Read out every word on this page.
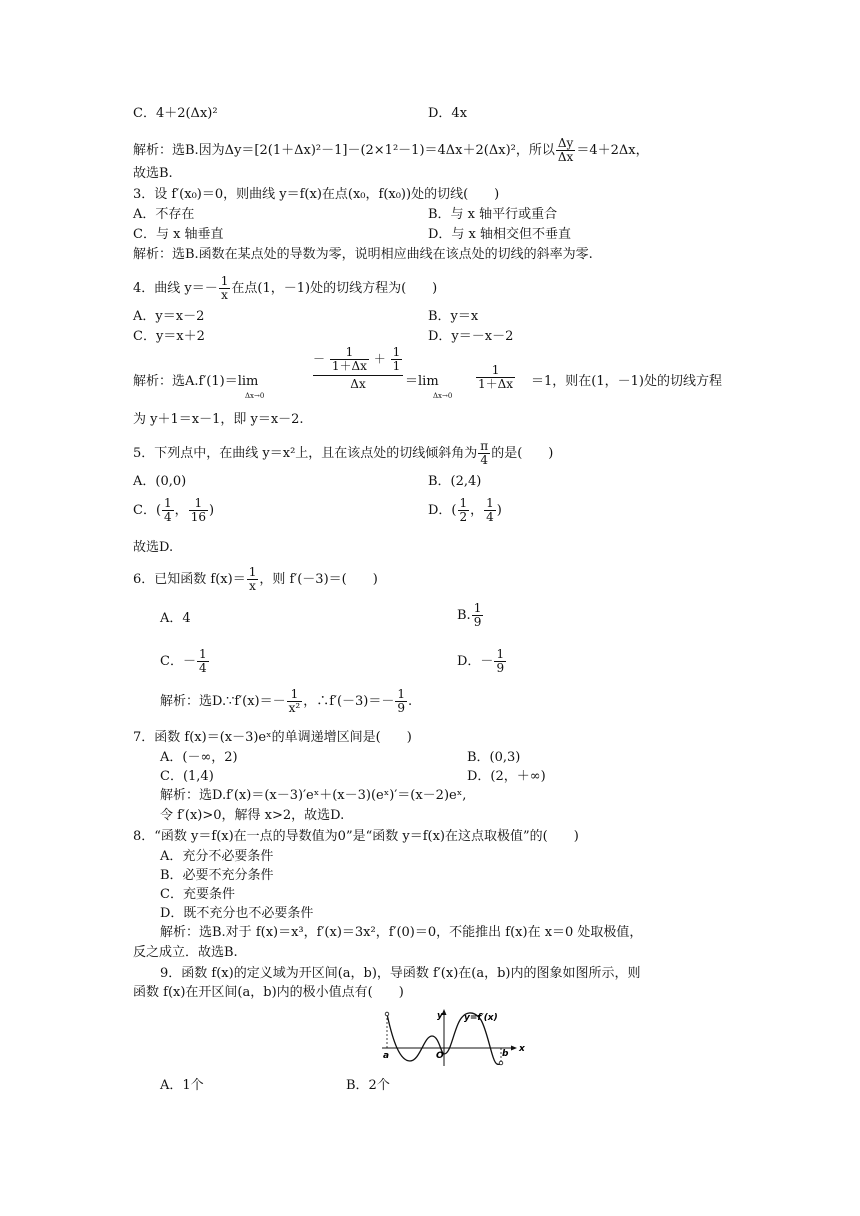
C．4＋2(Δx)²	D．4x
解析：选B.因为Δy＝[2(1＋Δx)²－1]－(2×1²－1)＝4Δx＋2(Δx)²，所以 $\frac{\Delta y}{\Delta x} =4+2\Delta x$，
故选B.
3．设 f′(x₀)＝0，则曲线 y＝f(x)在点(x₀，f(x₀))处的切线(　　)
A．不存在	B．与 x 轴平行或重合
C．与 x 轴垂直	D．与 x 轴相交但不垂直
解析：选B.函数在某点处的导数为零，说明相应曲线在该点处的切线的斜率为零.
4．曲线 $y=- \frac{1}{x}$ 在点(1，－1)处的切线方程为(　　)
A．y＝x－2	B．y＝x
C．y＝x＋2	D．y＝－x－2
解析：选A.f′(1)＝lim
Δx→0
－ $\frac{1}{1+\Delta x} + \frac{1}{1}$
Δx	＝lim
Δx→0
1
1＋Δx ＝1，则在(1，－1)处的切线方程
为 y＋1＝x－1，即 y＝x－2.
5．下列点中，在曲线 y＝x²上，且在该点处的切线倾斜角为 $\frac{\pi}{4}$ 的是(　　)
A．(0,0)	B．(2,4)
C．( $\frac{1}{4}$ ， $\frac{1}{16}$ )	D．( $\frac{1}{2}$ ， $\frac{1}{4}$ )
故选D.
6．已知函数 $f(x)= \frac{1}{x}$ ，则 f′(－3)＝(　　)
A．4	B. $\frac{1}{9}$
C．－ $\frac{1}{4}$	D．－ $\frac{1}{9}$
解析：选D.∵f′(x)＝－ $\frac{1}{\text{x²}}$ ，∴f′(－3)＝－ $\frac{1}{9}$ .
7．函数 f(x)＝(x－3)eˣ的单调递增区间是(　　)
A．(－∞，2)	B．(0,3)
C．(1,4)	D．(2，＋∞)
解析：选D.f′(x)＝(x－3)′eˣ＋(x－3)(eˣ)′＝(x－2)eˣ,
令 f′(x)>0，解得 x>2，故选D.
8．“函数 y＝f(x)在一点的导数值为0”是“函数 y＝f(x)在这点取极值”的(　　)
A．充分不必要条件
B．必要不充分条件
C．充要条件
D．既不充分也不必要条件
解析：选B.对于 f(x)＝x³，f′(x)＝3x²，f′(0)＝0，不能推出 f(x)在 x＝0 处取极值，
反之成立．故选B.
9．函数 f(x)的定义域为开区间(a，b)，导函数 f′(x)在(a，b)内的图象如图所示，则
函数 f(x)在开区间(a，b)内的极小值点有(　　)
y y=f′(x)
a	O	b x
A．1个	B．2个
